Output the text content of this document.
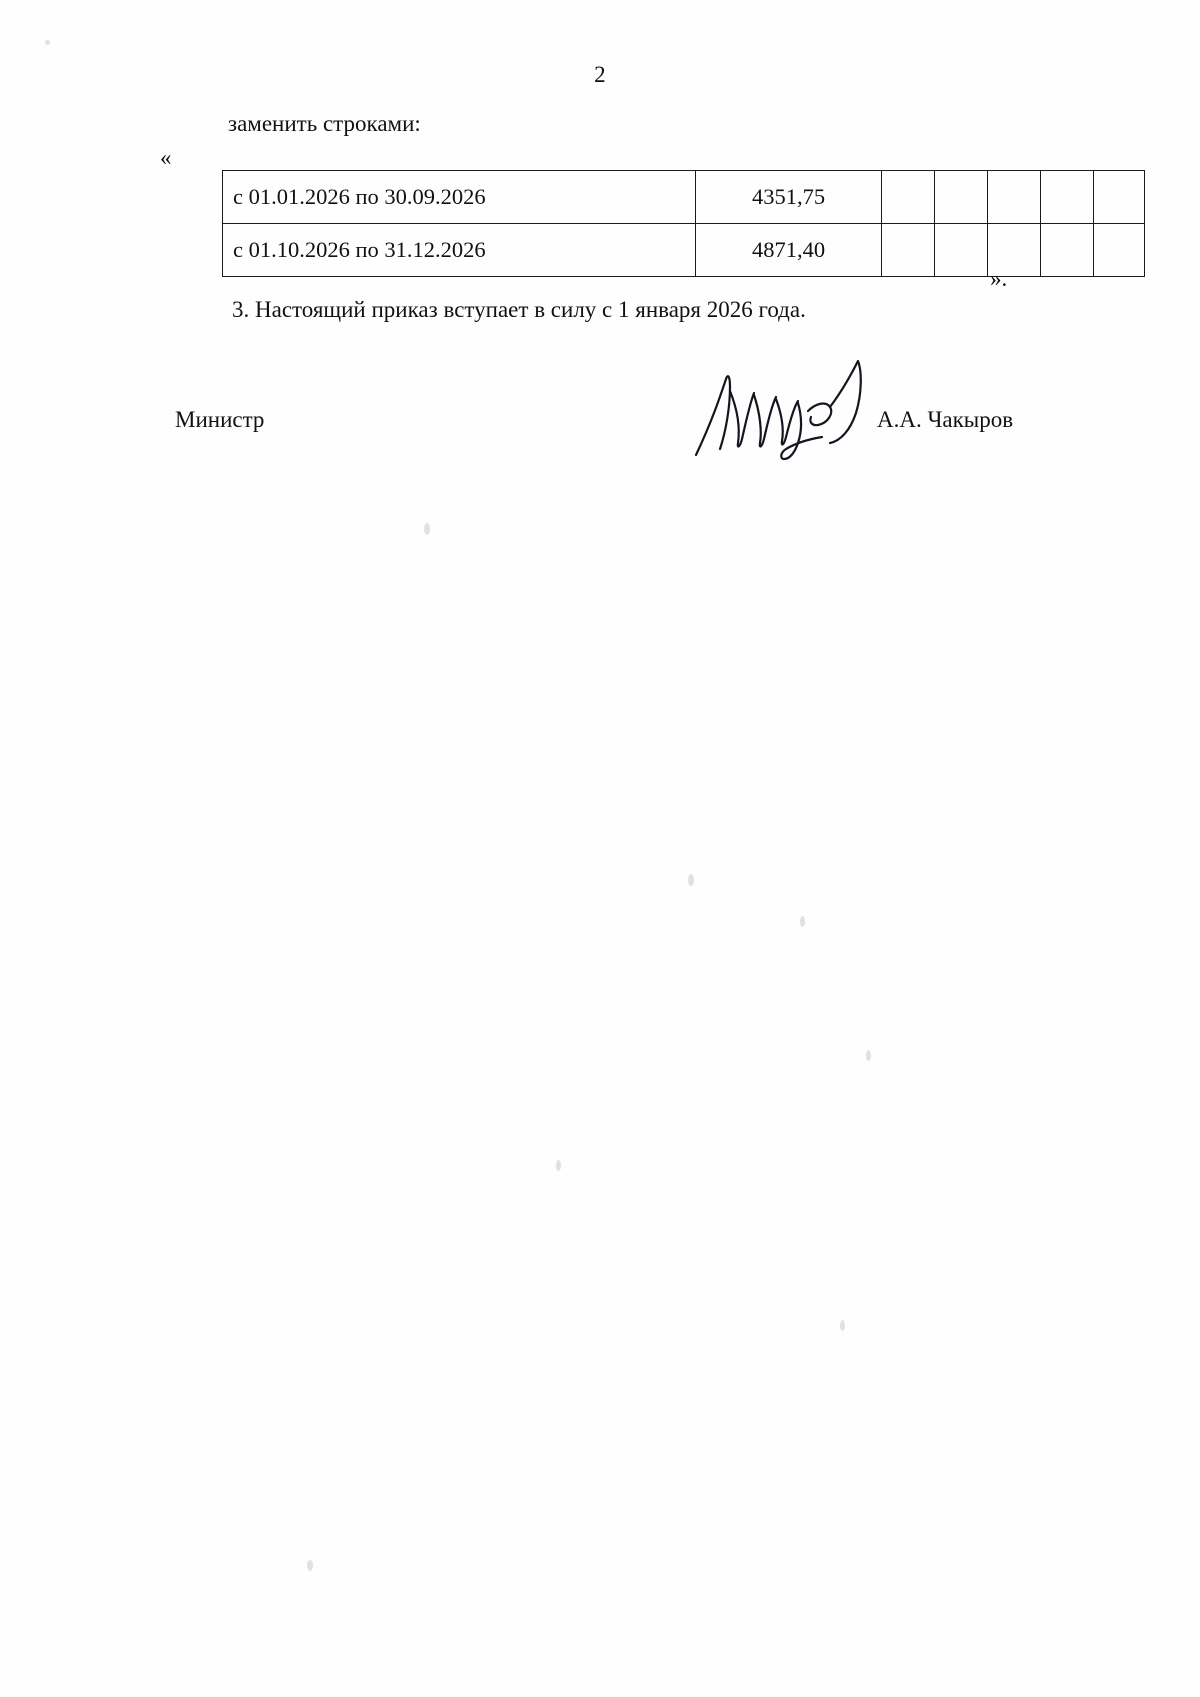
2
заменить строками:
«
с 01.01.2026 по 30.09.2026	4351,75					
с 01.10.2026 по 31.12.2026	4871,40					
».
3. Настоящий приказ вступает в силу с 1 января 2026 года.
Министр	А.А. Чакыров
